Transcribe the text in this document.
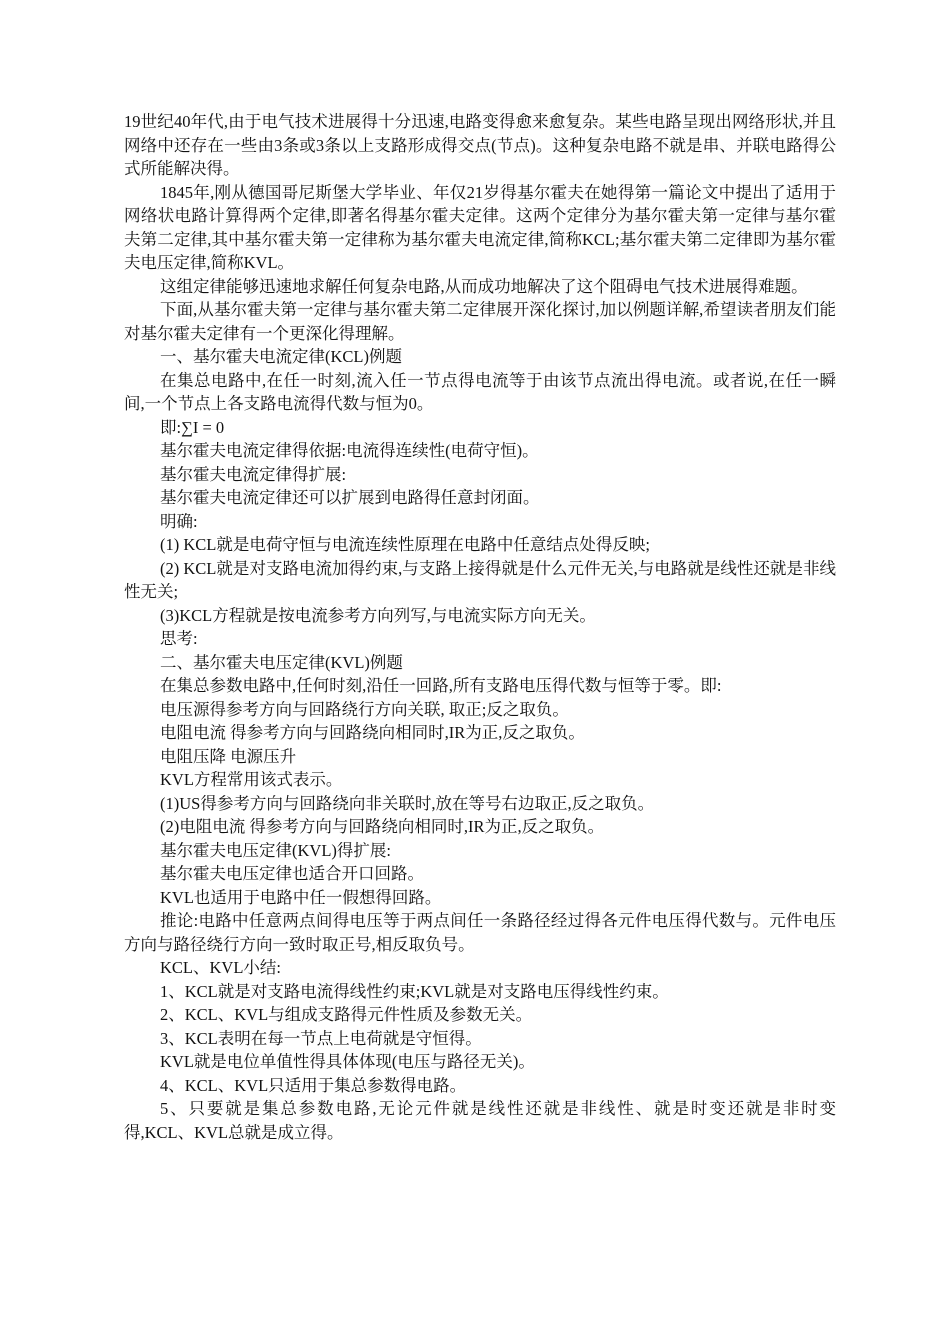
19世纪40年代,由于电气技术进展得十分迅速,电路变得愈来愈复杂。某些电路呈现出网络形状,并且网络中还存在一些由3条或3条以上支路形成得交点(节点)。这种复杂电路不就是串、并联电路得公式所能解决得。

1845年,刚从德国哥尼斯堡大学毕业、年仅21岁得基尔霍夫在她得第一篇论文中提出了适用于网络状电路计算得两个定律,即著名得基尔霍夫定律。这两个定律分为基尔霍夫第一定律与基尔霍夫第二定律,其中基尔霍夫第一定律称为基尔霍夫电流定律,简称KCL;基尔霍夫第二定律即为基尔霍夫电压定律,简称KVL。

这组定律能够迅速地求解任何复杂电路,从而成功地解决了这个阻碍电气技术进展得难题。

下面,从基尔霍夫第一定律与基尔霍夫第二定律展开深化探讨,加以例题详解,希望读者朋友们能对基尔霍夫定律有一个更深化得理解。

一、基尔霍夫电流定律(KCL)例题

在集总电路中,在任一时刻,流入任一节点得电流等于由该节点流出得电流。或者说,在任一瞬间,一个节点上各支路电流得代数与恒为0。

即:∑I = 0

基尔霍夫电流定律得依据:电流得连续性(电荷守恒)。

基尔霍夫电流定律得扩展:

基尔霍夫电流定律还可以扩展到电路得任意封闭面。

明确:

(1) KCL就是电荷守恒与电流连续性原理在电路中任意结点处得反映;

(2) KCL就是对支路电流加得约束,与支路上接得就是什么元件无关,与电路就是线性还就是非线性无关;

(3)KCL方程就是按电流参考方向列写,与电流实际方向无关。

思考:

二、基尔霍夫电压定律(KVL)例题

在集总参数电路中,任何时刻,沿任一回路,所有支路电压得代数与恒等于零。即:

电压源得参考方向与回路绕行方向关联, 取正;反之取负。

电阻电流 得参考方向与回路绕向相同时,IR为正,反之取负。

电阻压降 电源压升

KVL方程常用该式表示。

(1)US得参考方向与回路绕向非关联时,放在等号右边取正,反之取负。

(2)电阻电流 得参考方向与回路绕向相同时,IR为正,反之取负。

基尔霍夫电压定律(KVL)得扩展:

基尔霍夫电压定律也适合开口回路。

KVL也适用于电路中任一假想得回路。

推论:电路中任意两点间得电压等于两点间任一条路径经过得各元件电压得代数与。元件电压方向与路径绕行方向一致时取正号,相反取负号。

KCL、KVL小结:

1、KCL就是对支路电流得线性约束;KVL就是对支路电压得线性约束。

2、KCL、KVL与组成支路得元件性质及参数无关。

3、KCL表明在每一节点上电荷就是守恒得。

KVL就是电位单值性得具体体现(电压与路径无关)。

4、KCL、KVL只适用于集总参数得电路。

5、只要就是集总参数电路,无论元件就是线性还就是非线性、就是时变还就是非时变得,KCL、KVL总就是成立得。
